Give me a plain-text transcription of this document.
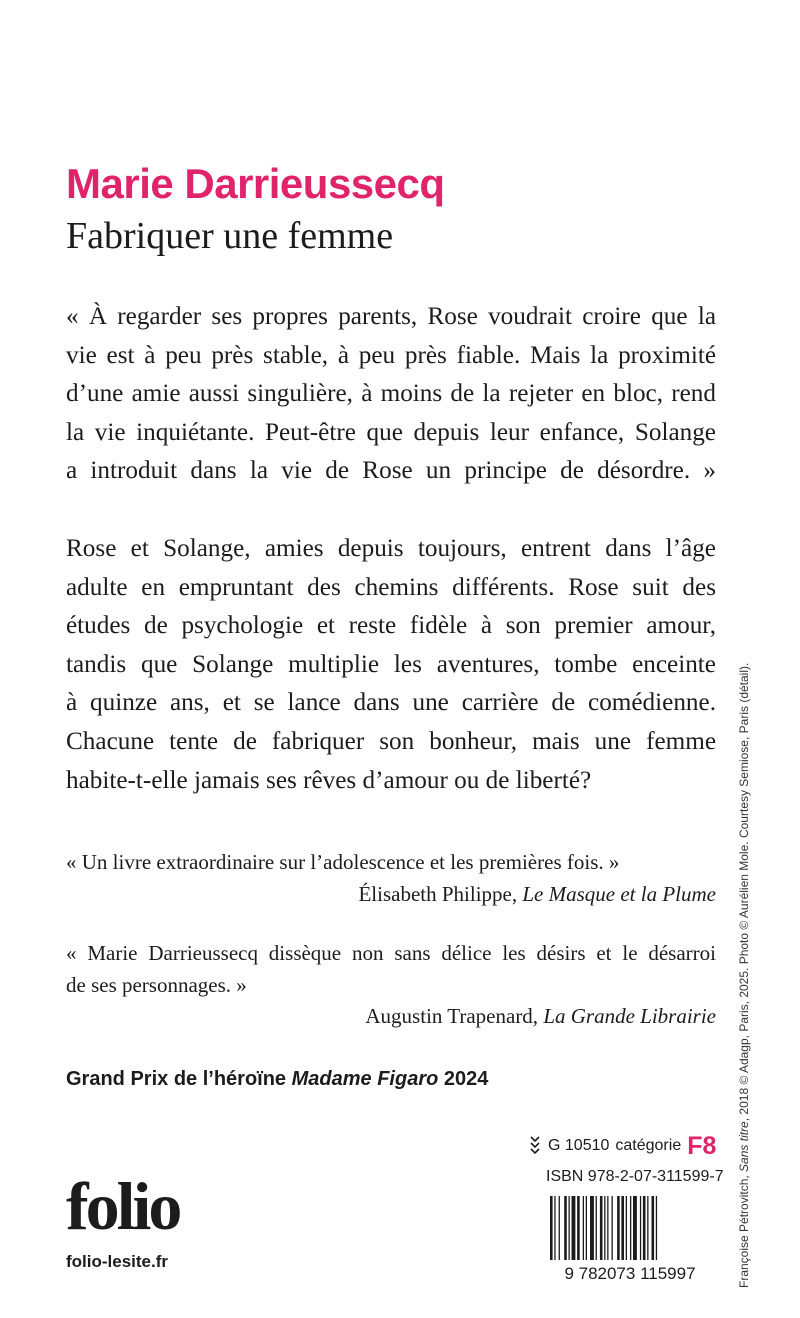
Marie Darrieussecq
Fabriquer une femme

« À regarder ses propres parents, Rose voudrait croire que la
vie est à peu près stable, à peu près fiable. Mais la proximité
d’une amie aussi singulière, à moins de la rejeter en bloc, rend
la vie inquiétante. Peut-être que depuis leur enfance, Solange
a introduit dans la vie de Rose un principe de désordre. »

Rose et Solange, amies depuis toujours, entrent dans l’âge
adulte en empruntant des chemins différents. Rose suit des
études de psychologie et reste fidèle à son premier amour,
tandis que Solange multiplie les aventures, tombe enceinte
à quinze ans, et se lance dans une carrière de comédienne.
Chacune tente de fabriquer son bonheur, mais une femme
habite-t-elle jamais ses rêves d’amour ou de liberté?

« Un livre extraordinaire sur l’adolescence et les premières fois. »
Élisabeth Philippe, Le Masque et la Plume
« Marie Darrieussecq dissèque non sans délice les désirs et le désarroi
de ses personnages. »
Augustin Trapenard, La Grande Librairie

Grand Prix de l’héroïne Madame Figaro 2024

folio
folio-lesite.fr
G 10510 catégorie F8
ISBN 978-2-07-311599-7
9 782073 115997	Françoise Pétrovitch, Sans titre, 2018 © Adagp, Paris, 2025. Photo © Aurélien Mole. Courtesy Semiose, Paris (détail).
